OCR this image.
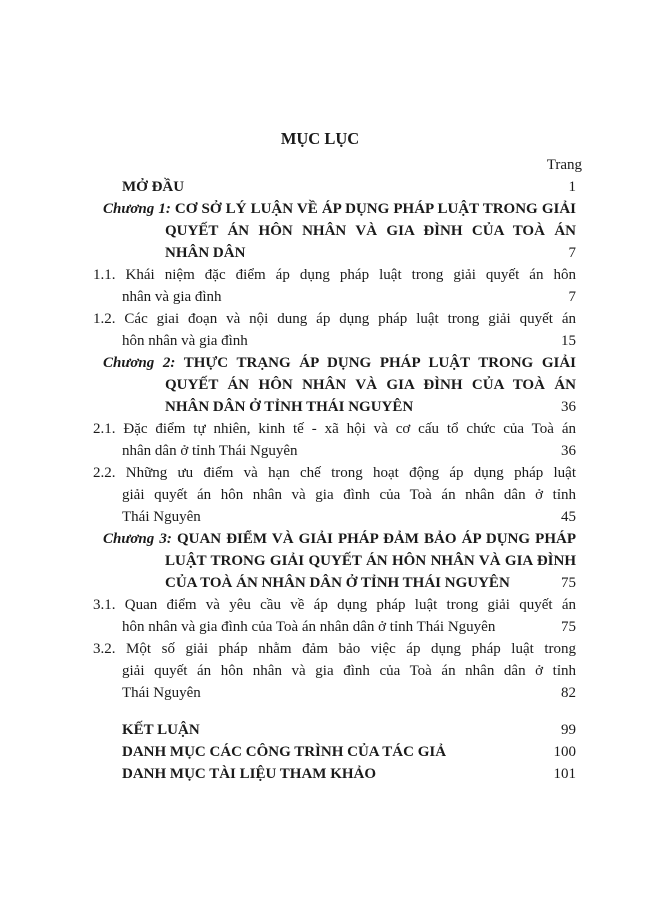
MỤC LỤC
Trang
MỞ ĐẦU	1
Chương 1: CƠ SỞ LÝ LUẬN VỀ ÁP DỤNG PHÁP LUẬT TRONG GIẢI
QUYẾT ÁN HÔN NHÂN VÀ GIA ĐÌNH CỦA TOÀ ÁN
NHÂN DÂN	7
1.1. Khái niệm đặc điểm áp dụng pháp luật trong giải quyết án hôn
nhân và gia đình	7
1.2. Các giai đoạn và nội dung áp dụng pháp luật trong giải quyết án
hôn nhân và gia đình	15
Chương 2: THỰC TRẠNG ÁP DỤNG PHÁP LUẬT TRONG GIẢI
QUYẾT ÁN HÔN NHÂN VÀ GIA ĐÌNH CỦA TOÀ ÁN
NHÂN DÂN Ở TỈNH THÁI NGUYÊN	36
2.1. Đặc điểm tự nhiên, kinh tế - xã hội và cơ cấu tổ chức của Toà án
nhân dân ở tỉnh Thái Nguyên	36
2.2. Những ưu điểm và hạn chế trong hoạt động áp dụng pháp luật
giải quyết án hôn nhân và gia đình của Toà án nhân dân ở tỉnh
Thái Nguyên	45
Chương 3: QUAN ĐIỂM VÀ GIẢI PHÁP ĐẢM BẢO ÁP DỤNG PHÁP
LUẬT TRONG GIẢI QUYẾT ÁN HÔN NHÂN VÀ GIA ĐÌNH
CỦA TOÀ ÁN NHÂN DÂN Ở TỈNH THÁI NGUYÊN	75
3.1. Quan điểm và yêu cầu về áp dụng pháp luật trong giải quyết án
hôn nhân và gia đình của Toà án nhân dân ở tỉnh Thái Nguyên	75
3.2. Một số giải pháp nhằm đảm bảo việc áp dụng pháp luật trong
giải quyết án hôn nhân và gia đình của Toà án nhân dân ở tỉnh
Thái Nguyên	82
KẾT LUẬN	99
DANH MỤC CÁC CÔNG TRÌNH CỦA TÁC GIẢ	100
DANH MỤC TÀI LIỆU THAM KHẢO	101
